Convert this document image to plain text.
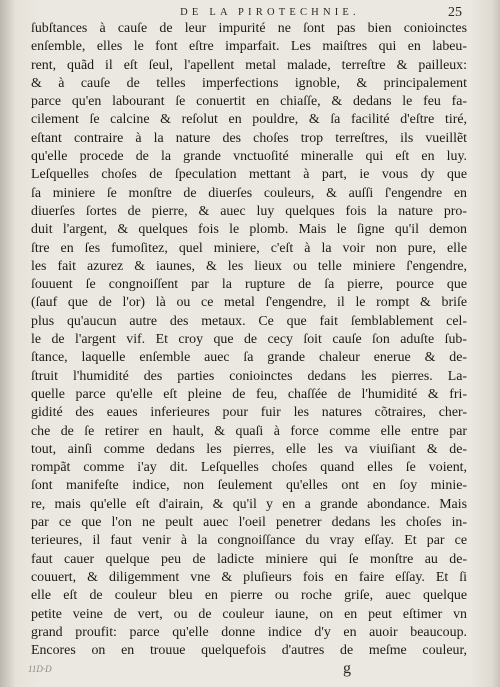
DE LA PIROTECHNIE.	25
ſubſtances à cauſe de leur impurité ne ſont pas bien conioinctes
enſemble, elles le font eſtre imparfait. Les maiſtres qui en labeu-
rent, quãd il eſt ſeul, l'apellent metal malade, terreſtre & pailleux:
& à cauſe de telles imperfections ignoble, & principalement
parce qu'en labourant ſe conuertit en chiaſſe, & dedans le feu fa-
cilement ſe calcine & reſolut en pouldre, & ſa facilité d'eſtre tiré,
eſtant contraire à la nature des choſes trop terreſtres, ils vueillẽt
qu'elle procede de la grande vnctuoſité mineralle qui eſt en luy.
Leſquelles choſes de ſpeculation mettant à part, ie vous dy que
ſa miniere ſe monſtre de diuerſes couleurs, & auſſi ſ'engendre en
diuerſes ſortes de pierre, & auec luy quelques fois la nature pro-
duit l'argent, & quelques fois le plomb. Mais le ſigne qu'il demon
ſtre en ſes fumoſitez, quel miniere, c'eſt à la voir non pure, elle
les fait azurez & iaunes, & les lieux ou telle miniere ſ'engendre,
ſouuent ſe congnoiſſent par la rupture de ſa pierre, pource que
(ſauf que de l'or) là ou ce metal ſ'engendre, il le rompt & briſe
plus qu'aucun autre des metaux. Ce que fait ſemblablement cel-
le de l'argent vif. Et croy que de cecy ſoit cauſe ſon aduſte ſub-
ſtance, laquelle enſemble auec ſa grande chaleur enerue & de-
ſtruit l'humidité des parties conioinctes dedans les pierres. La-
quelle parce qu'elle eſt pleine de feu, chaſſée de l'humidité & fri-
gidité des eaues inferieures pour fuir les natures cõtraires, cher-
che de ſe retirer en hault, & quaſi à force comme elle entre par
tout, ainſi comme dedans les pierres, elle les va viuiſiant & de-
rompãt comme i'ay dit. Leſquelles choſes quand elles ſe voient,
ſont manifeſte indice, non ſeulement qu'elles ont en ſoy minie-
re, mais qu'elle eſt d'airain, & qu'il y en a grande abondance. Mais
par ce que l'on ne peult auec l'oeil penetrer dedans les choſes in-
terieures, il faut venir à la congnoiſſance du vray eſſay. Et par ce
faut cauer quelque peu de ladicte miniere qui ſe monſtre au de-
couuert, & diligemment vne & pluſieurs fois en faire eſſay. Et ſi
elle eſt de couleur bleu en pierre ou roche griſe, auec quelque
petite veine de vert, ou de couleur iaune, on en peut eſtimer vn
grand proufit: parce qu'elle donne indice d'y en auoir beaucoup.
Encores on en trouue quelquefois d'autres de meſme couleur,
11D·D	g
